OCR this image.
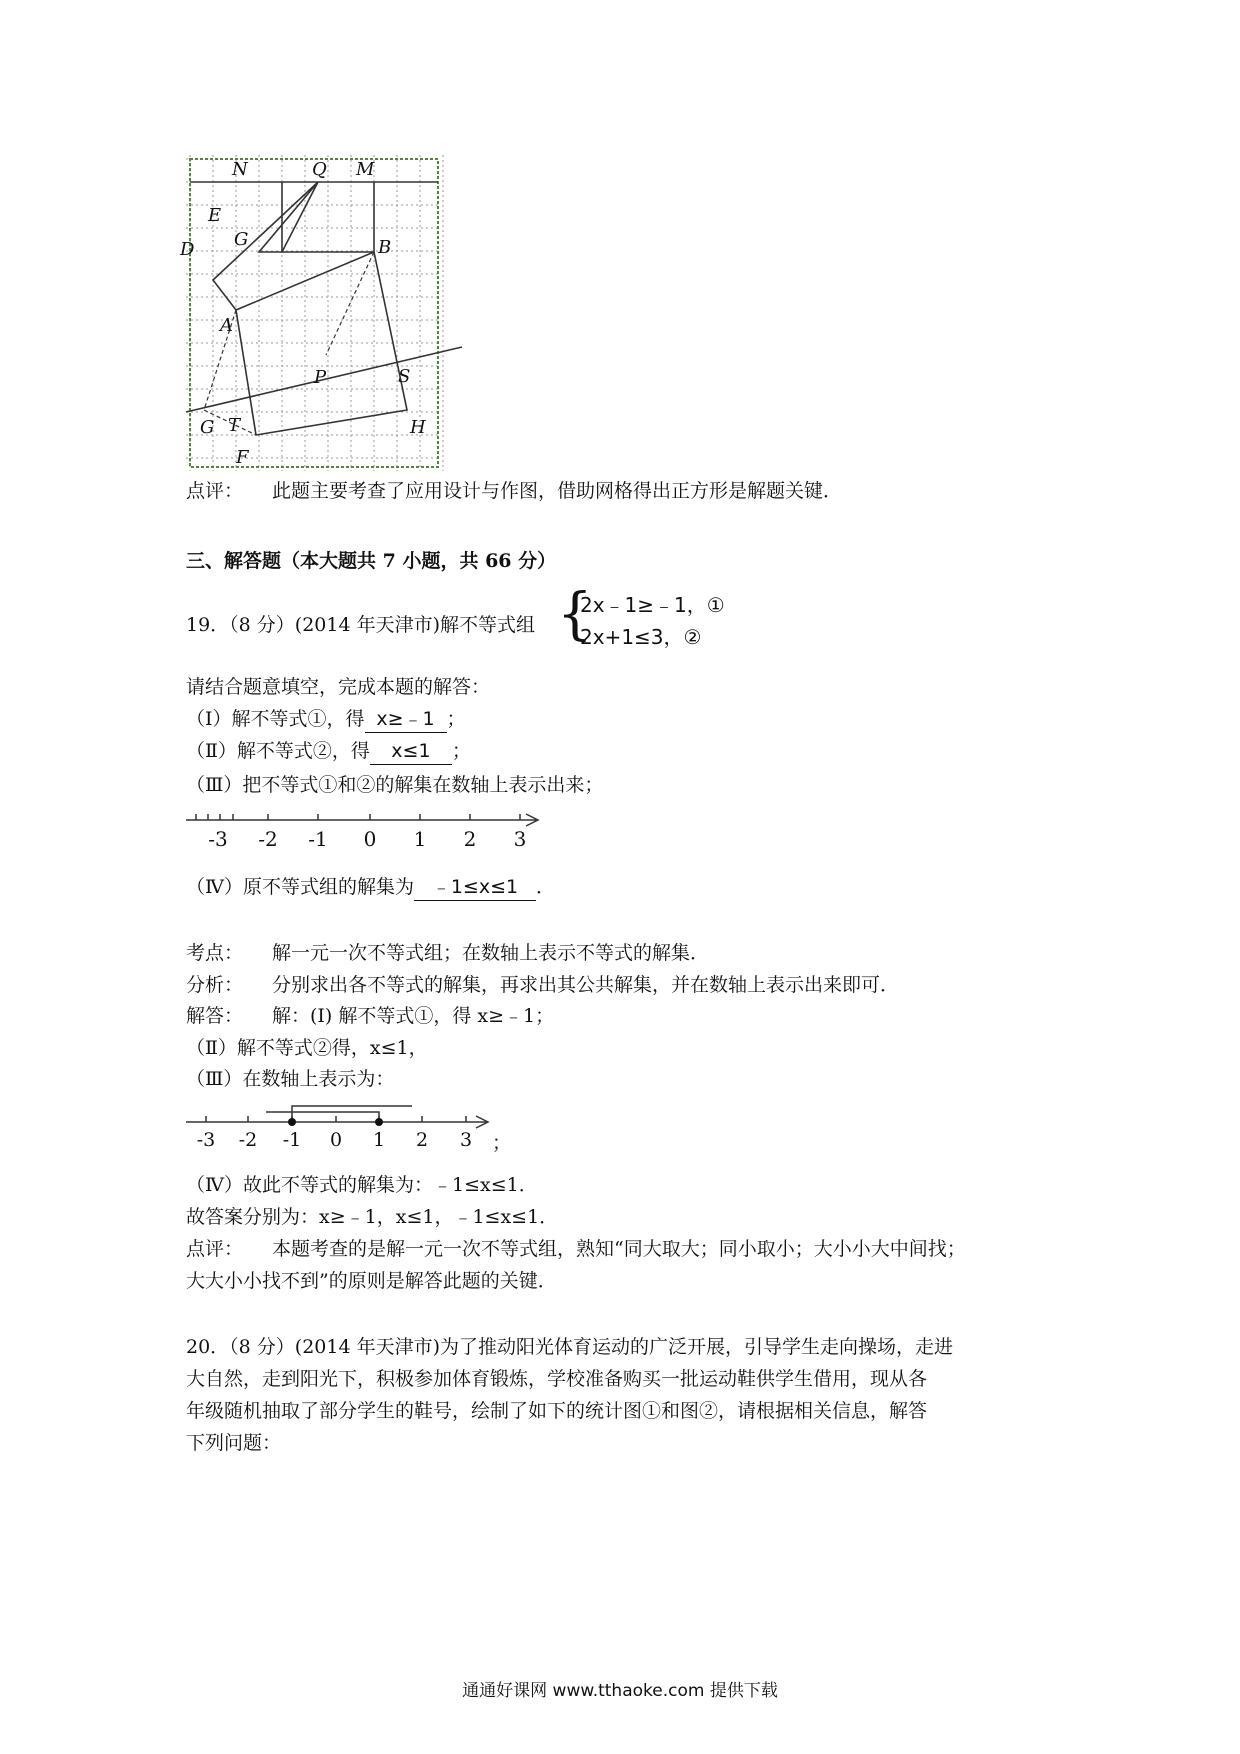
N	Q M
E
D G	B
A
S
P
G T	H
F
点评： 此题主要考查了应用设计与作图，借助网格得出正方形是解题关键．
三、解答题（本大题共 7 小题，共 66 分）
19．（8 分）(2014 年天津市)解不等式组 {
2x﹣1≥﹣1，①
2x+1≤3，②
请结合题意填空，完成本题的解答：
（Ⅰ）解不等式①，得 x≥﹣1 ；
（Ⅱ）解不等式②，得 x≤1 ；
（Ⅲ）把不等式①和②的解集在数轴上表示出来；
-3 -2 -1 0 1 2 3
（Ⅳ）原不等式组的解集为 ﹣1≤x≤1 ．
考点： 解一元一次不等式组；在数轴上表示不等式的解集．
分析： 分别求出各不等式的解集，再求出其公共解集，并在数轴上表示出来即可．
解答： 解：(Ⅰ) 解不等式①，得 x≥﹣1；
（Ⅱ）解不等式②得，x≤1，
（Ⅲ）在数轴上表示为：
-3 -2 -1 0 1 2 3 ；
（Ⅳ）故此不等式的解集为：﹣1≤x≤1．
故答案分别为：x≥﹣1，x≤1，﹣1≤x≤1．
点评： 本题考查的是解一元一次不等式组，熟知“同大取大；同小取小；大小小大中间找；
大大小小找不到”的原则是解答此题的关键．
20．（8 分）(2014 年天津市)为了推动阳光体育运动的广泛开展，引导学生走向操场，走进
大自然，走到阳光下，积极参加体育锻炼，学校准备购买一批运动鞋供学生借用，现从各
年级随机抽取了部分学生的鞋号，绘制了如下的统计图①和图②，请根据相关信息，解答
下列问题：
通通好课网 www.tthaoke.com 提供下载
